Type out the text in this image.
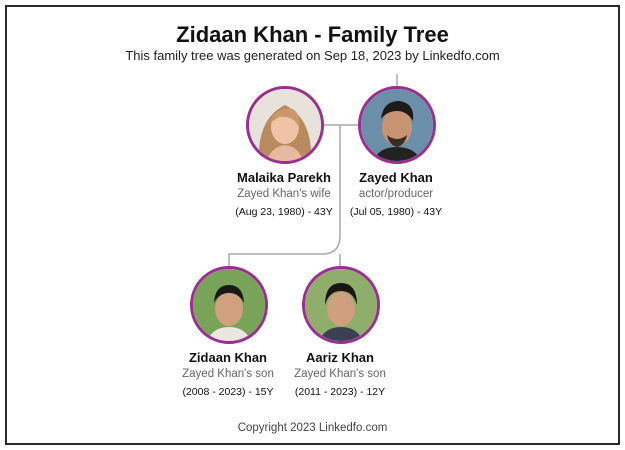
Zidaan Khan - Family Tree
This family tree was generated on Sep 18, 2023 by Linkedfo.com
Malaika Parekh
Zayed Khan's wife
(Aug 23, 1980) - 43Y
Zayed Khan
actor/producer
(Jul 05, 1980) - 43Y
Zidaan Khan
Zayed Khan's son
(2008 - 2023) - 15Y
Aariz Khan
Zayed Khan's son
(2011 - 2023) - 12Y
Copyright 2023 Linkedfo.com
